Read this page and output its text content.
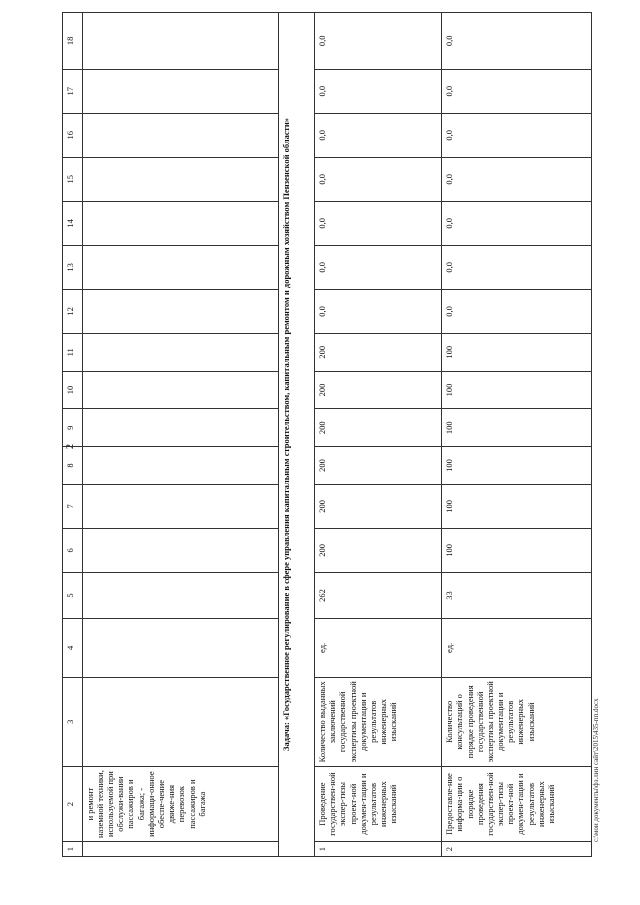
2
1	2	3	4	5	6	7	8	9	10	11	12	13	14	15	16	17	18
	и ремонт наземной техники, используемой при обслужи-вании пассажиров и багажа; - информаци-онное обеспе-чение движе-ния перевозок пассажиров и багажа																
Задача: «Государственное регулирование в сфере управления капитальным строительством, капитальным ремонтом и дорожным хозяйством Пензенской области»																	
1	Проведение государствен-ной экспер-тизы проект-ной докумен-тации и результатов инженерных изысканий	Количество выданных заключений государственной экспертизы проектной документации и результатов инженерных изысканий	ед.	262	200	200	200	200	200	200	0,0	0,0	0,0	0,0	0,0	0,0	0,0
2	Предоставле-ние информа-ции о порядке проведения государствен-ной экспер-тизы проект-ной докумен-тации и результатов инженерных изысканий	Количество консультаций о порядке проведения государственной экспертизы проектной документации и результатов инженерных изысканий	ед.	33	100	100	100	100	100	100	0,0	0,0	0,0	0,0	0,0	0,0	0,0
c:\мои документы\фз.лин сайт\2015\435-пп.docx
